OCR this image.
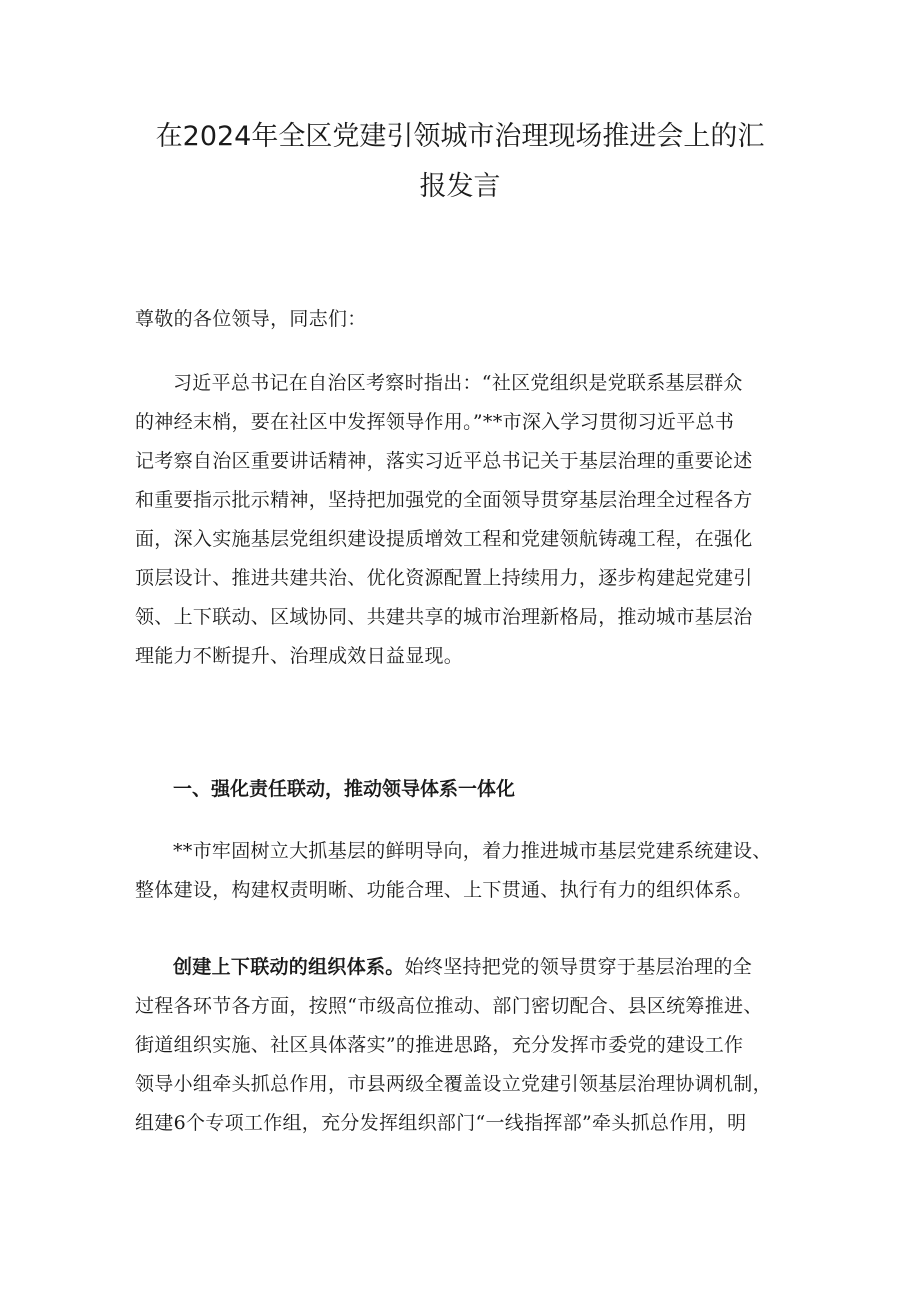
在2024年全区党建引领城市治理现场推进会上的汇
报发言

尊敬的各位领导，同志们：

习近平总书记在自治区考察时指出：“社区党组织是党联系基层群众
的神经末梢，要在社区中发挥领导作用。”**市深入学习贯彻习近平总书
记考察自治区重要讲话精神，落实习近平总书记关于基层治理的重要论述
和重要指示批示精神，坚持把加强党的全面领导贯穿基层治理全过程各方
面，深入实施基层党组织建设提质增效工程和党建领航铸魂工程，在强化
顶层设计、推进共建共治、优化资源配置上持续用力，逐步构建起党建引
领、上下联动、区域协同、共建共享的城市治理新格局，推动城市基层治
理能力不断提升、治理成效日益显现。

一、强化责任联动，推动领导体系一体化

**市牢固树立大抓基层的鲜明导向，着力推进城市基层党建系统建设、
整体建设，构建权责明晰、功能合理、上下贯通、执行有力的组织体系。

创建上下联动的组织体系。始终坚持把党的领导贯穿于基层治理的全
过程各环节各方面，按照“市级高位推动、部门密切配合、县区统筹推进、
街道组织实施、社区具体落实”的推进思路，充分发挥市委党的建设工作
领导小组牵头抓总作用，市县两级全覆盖设立党建引领基层治理协调机制，
组建6个专项工作组，充分发挥组织部门“一线指挥部”牵头抓总作用，明
